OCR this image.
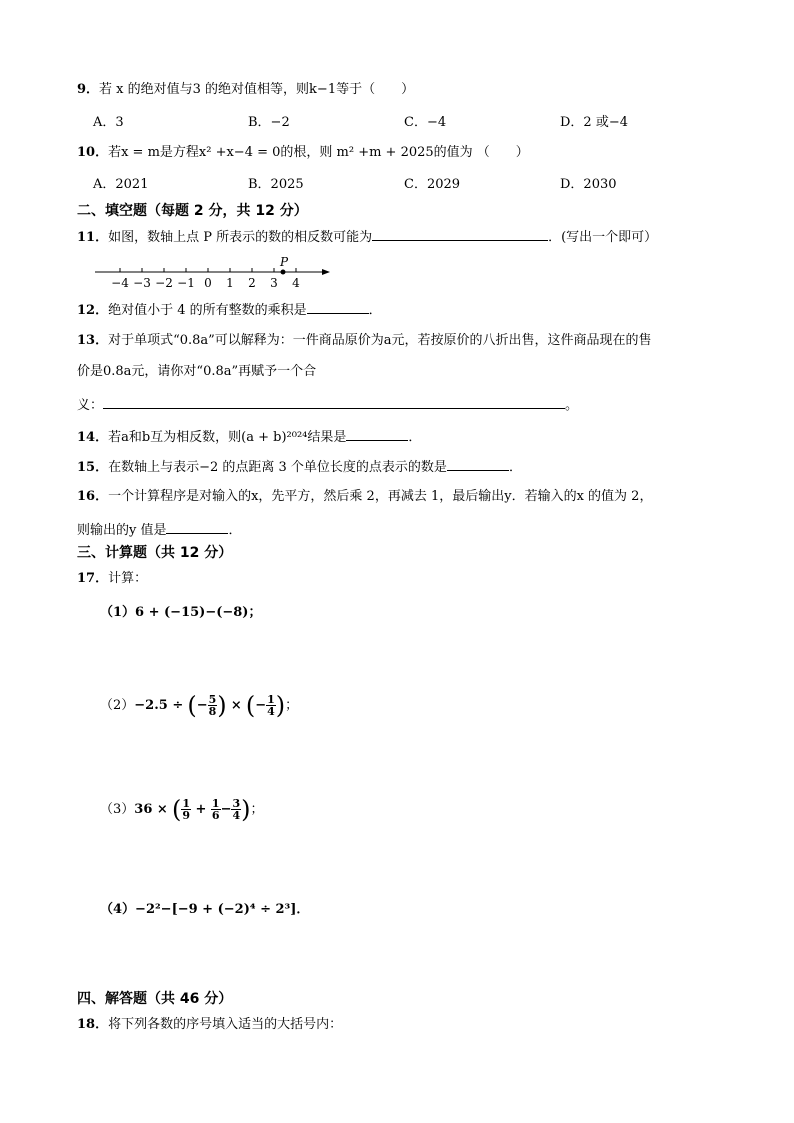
9．若 x 的绝对值与3 的绝对值相等，则k−1等于（　　）
A．3	B．−2	C．−4	D．2 或−4
10．若x = m是方程x² +x−4 = 0的根，则 m² +m + 2025的值为 （　　）
A．2021	B．2025	C．2029	D．2030
二、填空题（每题 2 分，共 12 分）
11．如图，数轴上点 P 所表示的数的相反数可能为	．(写出一个即可）
−4 −3 −2 −1 0 1 2 3 4
P
12．绝对值小于 4 的所有整数的乘积是	．
13．对于单项式“0.8a”可以解释为：一件商品原价为a元，若按原价的八折出售，这件商品现在的售
价是0.8a元，请你对“0.8a”再赋予一个合
义：	。
14．若a和b互为相反数，则(a + b)²⁰²⁴结果是	．
15．在数轴上与表示−2 的点距离 3 个单位长度的点表示的数是	．
16．一个计算程序是对输入的x，先平方，然后乘 2，再减去 1，最后输出y．若输入的x 的值为 2，
则输出的y 值是	．
三、计算题（共 12 分）
17．计算：
（1）6 + (−15)−(−8)；
（2）−2.5 ÷ (− $\frac{5}{8}$ ) × (− $\frac{1}{4}$ )；
（3）36 × ( $\frac{1}{9} + \frac{1}{6} - \frac{3}{4}$ )；
（4）−2²−[−9 + (−2)⁴ ÷ 2³]．
四、解答题（共 46 分）
18．将下列各数的序号填入适当的大括号内：
